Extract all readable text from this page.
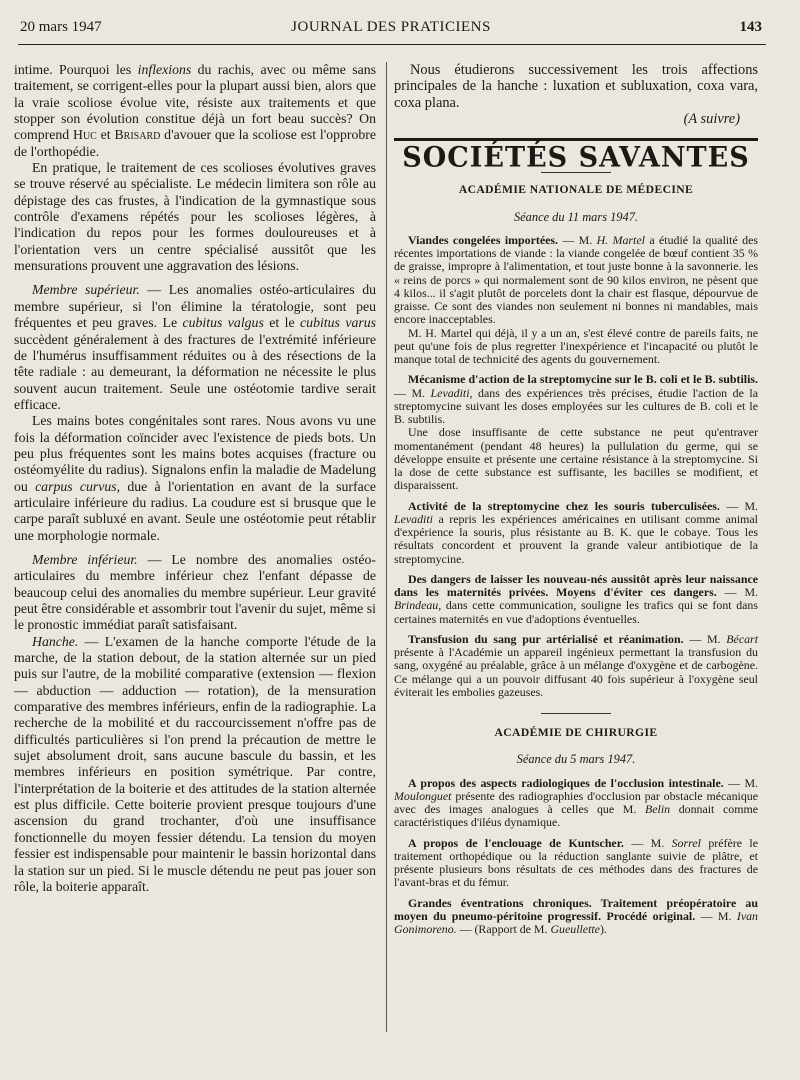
20 mars 1947	JOURNAL DES PRATICIENS	143

intime. Pourquoi les inflexions du rachis, avec ou même sans traitement, se corrigent-elles pour la plupart aussi bien, alors que la vraie scoliose évolue vite, résiste aux traitements et que stopper son évolution constitue déjà un fort beau succès? On comprend Huc et Brisard d'avouer que la scoliose est l'opprobre de l'orthopédie.

En pratique, le traitement de ces scolioses évolutives graves se trouve réservé au spécialiste. Le médecin limitera son rôle au dépistage des cas frustes, à l'indication de la gymnastique sous contrôle d'examens répétés pour les scolioses légères, à l'indication du repos pour les formes douloureuses et à l'orientation vers un centre spécialisé aussitôt que les mensurations prouvent une aggravation des lésions.

Membre supérieur. — Les anomalies ostéo-articulaires du membre supérieur, si l'on élimine la tératologie, sont peu fréquentes et peu graves. Le cubitus valgus et le cubitus varus succèdent généralement à des fractures de l'extrémité inférieure de l'humérus insuffisamment réduites ou à des résections de la tête radiale : au demeurant, la déformation ne nécessite le plus souvent aucun traitement. Seule une ostéotomie tardive serait efficace.

Les mains botes congénitales sont rares. Nous avons vu une fois la déformation coïncider avec l'existence de pieds bots. Un peu plus fréquentes sont les mains botes acquises (fracture ou ostéomyélite du radius). Signalons enfin la maladie de Madelung ou carpus curvus, due à l'orientation en avant de la surface articulaire inférieure du radius. La coudure est si brusque que le carpe paraît subluxé en avant. Seule une ostéotomie peut rétablir une morphologie normale.

Membre inférieur. — Le nombre des anomalies ostéo-articulaires du membre inférieur chez l'enfant dépasse de beaucoup celui des anomalies du membre supérieur. Leur gravité peut être considérable et assombrir tout l'avenir du sujet, même si le pronostic immédiat paraît satisfaisant.

Hanche. — L'examen de la hanche comporte l'étude de la marche, de la station debout, de la station alternée sur un pied puis sur l'autre, de la mobilité comparative (extension — flexion — abduction — adduction — rotation), de la mensuration comparative des membres inférieurs, enfin de la radiographie. La recherche de la mobilité et du raccourcissement n'offre pas de difficultés particulières si l'on prend la précaution de mettre le sujet absolument droit, sans aucune bascule du bassin, et les membres inférieurs en position symétrique. Par contre, l'interprétation de la boiterie et des attitudes de la station alternée est plus difficile. Cette boiterie provient presque toujours d'une ascension du grand trochanter, d'où une insuffisance fonctionnelle du moyen fessier détendu. La tension du moyen fessier est indispensable pour maintenir le bassin horizontal dans la station sur un pied. Si le muscle détendu ne peut pas jouer son rôle, la boiterie apparaît.

Nous étudierons successivement les trois affections principales de la hanche : luxation et subluxation, coxa vara, coxa plana.

(A suivre)
SOCIÉTÉS SAVANTES
ACADÉMIE NATIONALE DE MÉDECINE
Séance du 11 mars 1947.

Viandes congelées importées. — M. H. Martel a étudié la qualité des récentes importations de viande : la viande congelée de bœuf contient 35 % de graisse, impropre à l'alimentation, et tout juste bonne à la savonnerie. les « reins de porcs » qui normalement sont de 90 kilos environ, ne pèsent que 4 kilos... il s'agit plutôt de porcelets dont la chair est flasque, dépourvue de graisse. Ce sont des viandes non seulement ni bonnes ni mandables, mais encore inacceptables.

M. H. Martel qui déjà, il y a un an, s'est élevé contre de pareils faits, ne peut qu'une fois de plus regretter l'inexpérience et l'incapacité ou plutôt le manque total de technicité des agents du gouvernement.

Mécanisme d'action de la streptomycine sur le B. coli et le B. subtilis. — M. Levaditi, dans des expériences très précises, étudie l'action de la streptomycine suivant les doses employées sur les cultures de B. coli et le B. subtilis.

Une dose insuffisante de cette substance ne peut qu'entraver momentanément (pendant 48 heures) la pullulation du germe, qui se développe ensuite et présente une certaine résistance à la streptomycine. Si la dose de cette substance est suffisante, les bacilles se modifient, et disparaissent.

Activité de la streptomycine chez les souris tuberculisées. — M. Levaditi a repris les expériences américaines en utilisant comme animal d'expérience la souris, plus résistante au B. K. que le cobaye. Tous les résultats concordent et prouvent la grande valeur antibiotique de la streptomycine.

Des dangers de laisser les nouveau-nés aussitôt après leur naissance dans les maternités privées. Moyens d'éviter ces dangers. — M. Brindeau, dans cette communication, souligne les trafics qui se font dans certaines maternités en vue d'adoptions éventuelles.

Transfusion du sang pur artérialisé et réanimation. — M. Bécart présente à l'Académie un appareil ingénieux permettant la transfusion du sang, oxygéné au préalable, grâce à un mélange d'oxygène et de carbogène. Ce mélange qui a un pouvoir diffusant 40 fois supérieur à l'oxygène seul éviterait les embolies gazeuses.

ACADÉMIE DE CHIRURGIE
Séance du 5 mars 1947.

A propos des aspects radiologiques de l'occlusion intestinale. — M. Moulonguet présente des radiographies d'occlusion par obstacle mécanique avec des images analogues à celles que M. Belin donnait comme caractéristiques d'iléus dynamique.

A propos de l'enclouage de Kuntscher. — M. Sorrel préfère le traitement orthopédique ou la réduction sanglante suivie de plâtre, et présente plusieurs bons résultats de ces méthodes dans des fractures de l'avant-bras et du fémur.

Grandes éventrations chroniques. Traitement préopératoire au moyen du pneumo-péritoine progressif. Procédé original. — M. Ivan Gonimoreno. — (Rapport de M. Gueullette).
